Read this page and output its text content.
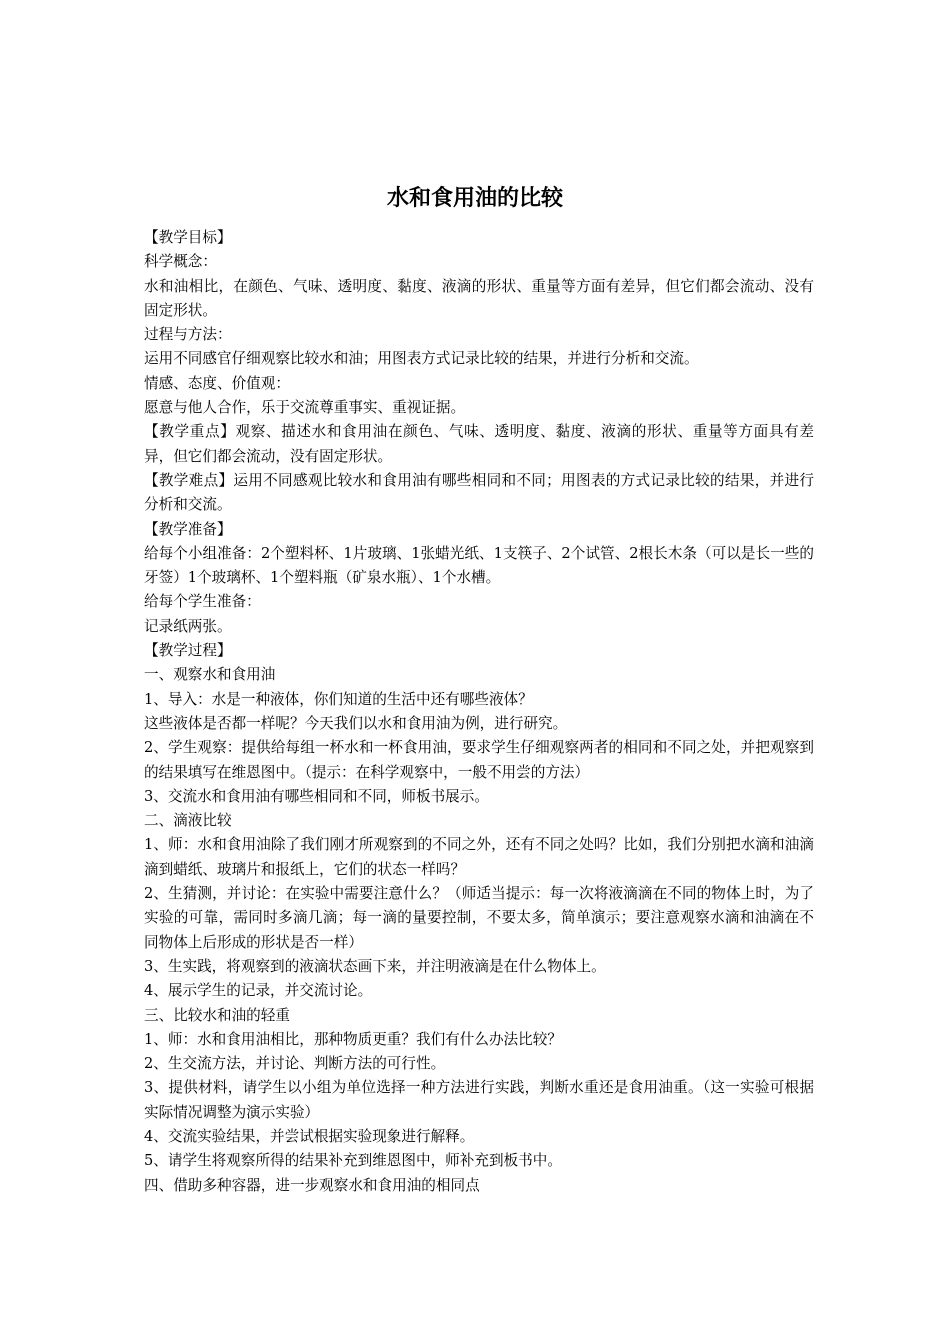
水和食用油的比较

【教学目标】

科学概念：

水和油相比，在颜色、气味、透明度、黏度、液滴的形状、重量等方面有差异，但它们都会流动、没有固定形状。

过程与方法：

运用不同感官仔细观察比较水和油；用图表方式记录比较的结果，并进行分析和交流。

情感、态度、价值观：

愿意与他人合作，乐于交流尊重事实、重视证据。

【教学重点】观察、描述水和食用油在颜色、气味、透明度、黏度、液滴的形状、重量等方面具有差异，但它们都会流动，没有固定形状。

【教学难点】运用不同感观比较水和食用油有哪些相同和不同；用图表的方式记录比较的结果，并进行分析和交流。

【教学准备】

给每个小组准备：2个塑料杯、1片玻璃、1张蜡光纸、1支筷子、2个试管、2根长木条（可以是长一些的牙签）1个玻璃杯、1个塑料瓶（矿泉水瓶）、1个水槽。

给每个学生准备：

记录纸两张。

【教学过程】

一、观察水和食用油

1、导入：水是一种液体，你们知道的生活中还有哪些液体？

这些液体是否都一样呢？今天我们以水和食用油为例，进行研究。

2、学生观察：提供给每组一杯水和一杯食用油，要求学生仔细观察两者的相同和不同之处，并把观察到的结果填写在维恩图中。（提示：在科学观察中，一般不用尝的方法）

3、交流水和食用油有哪些相同和不同，师板书展示。

二、滴液比较

1、师：水和食用油除了我们刚才所观察到的不同之外，还有不同之处吗？比如，我们分别把水滴和油滴滴到蜡纸、玻璃片和报纸上，它们的状态一样吗？

2、生猜测，并讨论：在实验中需要注意什么？（师适当提示：每一次将液滴滴在不同的物体上时，为了实验的可靠，需同时多滴几滴；每一滴的量要控制，不要太多，简单演示；要注意观察水滴和油滴在不同物体上后形成的形状是否一样）

3、生实践，将观察到的液滴状态画下来，并注明液滴是在什么物体上。

4、展示学生的记录，并交流讨论。

三、比较水和油的轻重

1、师：水和食用油相比，那种物质更重？我们有什么办法比较？

2、生交流方法，并讨论、判断方法的可行性。

3、提供材料，请学生以小组为单位选择一种方法进行实践，判断水重还是食用油重。（这一实验可根据实际情况调整为演示实验）

4、交流实验结果，并尝试根据实验现象进行解释。

5、请学生将观察所得的结果补充到维恩图中，师补充到板书中。

四、借助多种容器，进一步观察水和食用油的相同点
